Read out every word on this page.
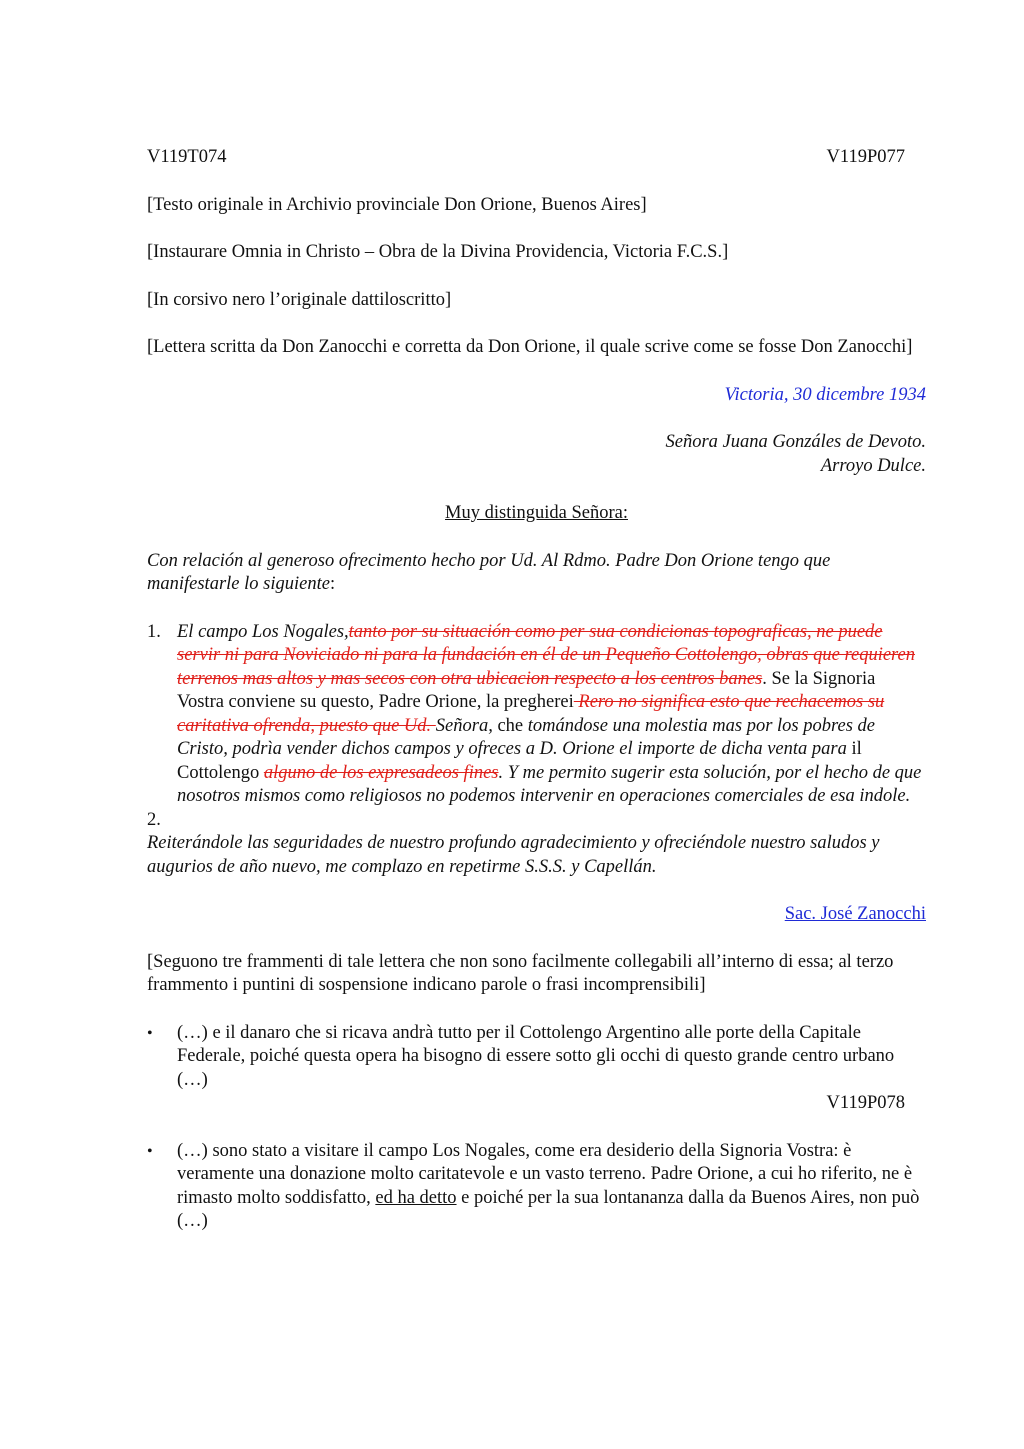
V119T074	V119P077

[Testo originale in Archivio provinciale Don Orione, Buenos Aires]

[Instaurare Omnia in Christo – Obra de la Divina Providencia, Victoria F.C.S.]

[In corsivo nero l’originale dattiloscritto]

[Lettera scritta da Don Zanocchi e corretta da Don Orione, il quale scrive come se fosse Don Zanocchi]

Victoria, 30 dicembre 1934

Señora Juana Gonzáles de Devoto.
Arroyo Dulce.

Muy distinguida Señora:

Con relación al generoso ofrecimento hecho por Ud. Al Rdmo. Padre Don Orione tengo que manifestarle lo siguiente:

1. El campo Los Nogales,tanto por su situación como per sua condicionas topograficas, ne puede servir ni para Noviciado ni para la fundación en él de un Pequeño Cottolengo, obras que requieren terrenos mas altos y mas secos con otra ubicacion respecto a los centros banes. Se la Signoria Vostra conviene su questo, Padre Orione, la pregherei Rero no significa esto que rechacemos su caritativa ofrenda, puesto que Ud. Señora, che tomándose una molestia mas por los pobres de Cristo, podrìa vender dichos campos y ofreces a D. Orione el importe de dicha venta para il Cottolengo alguno de los expresadeos fines. Y me permito sugerir esta solución, por el hecho de que nosotros mismos como religiosos no podemos intervenir en operaciones comerciales de esa indole.

2.

Reiterándole las seguridades de nuestro profundo agradecimiento y ofreciéndole nuestro saludos y augurios de año nuevo, me complazo en repetirme S.S.S. y Capellán.

Sac. José Zanocchi

[Seguono tre frammenti di tale lettera che non sono facilmente collegabili all’interno di essa; al terzo frammento i puntini di sospensione indicano parole o frasi incomprensibili]

•	(…) e il danaro che si ricava andrà tutto per il Cottolengo Argentino alle porte della Capitale Federale, poiché questa opera ha bisogno di essere sotto gli occhi di questo grande centro urbano (…)

V119P078

•	(…) sono stato a visitare il campo Los Nogales, come era desiderio della Signoria Vostra: è veramente una donazione molto caritatevole e un vasto terreno. Padre Orione, a cui ho riferito, ne è rimasto molto soddisfatto, ed ha detto e poiché per la sua lontananza dalla da Buenos Aires, non può (…)
